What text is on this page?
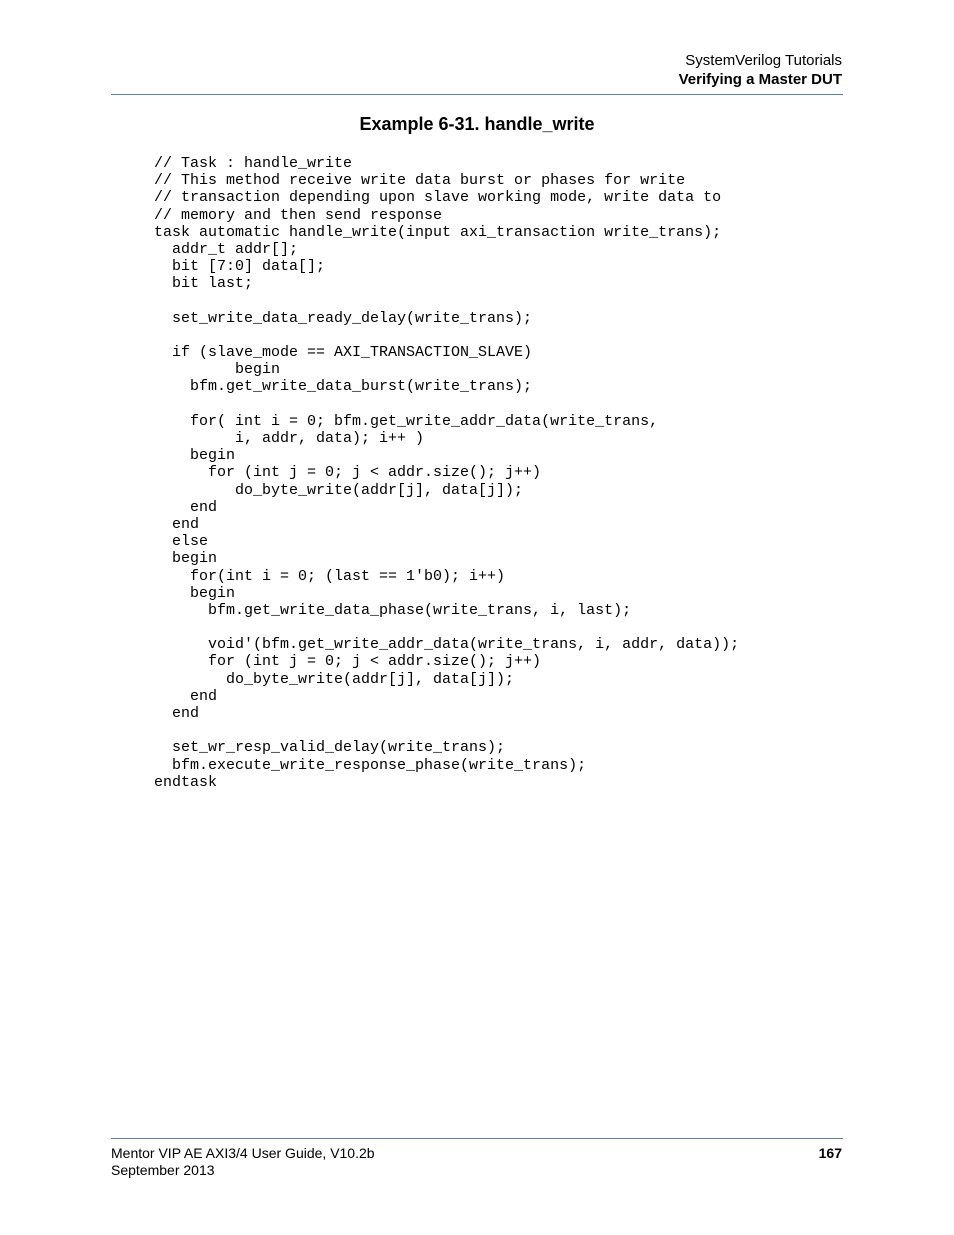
SystemVerilog Tutorials
Verifying a Master DUT
Example 6-31. handle_write
// Task : handle_write
// This method receive write data burst or phases for write
// transaction depending upon slave working mode, write data to
// memory and then send response
task automatic handle_write(input axi_transaction write_trans);
addr_t addr[];
bit [7:0] data[];
bit last;
set_write_data_ready_delay(write_trans);
if (slave_mode == AXI_TRANSACTION_SLAVE)
begin
bfm.get_write_data_burst(write_trans);
for( int i = 0; bfm.get_write_addr_data(write_trans,
i, addr, data); i++ )
begin
for (int j = 0; j < addr.size(); j++)
do_byte_write(addr[j], data[j]);
end
end
else
begin
for(int i = 0; (last == 1'b0); i++)
begin
bfm.get_write_data_phase(write_trans, i, last);
void'(bfm.get_write_addr_data(write_trans, i, addr, data));
for (int j = 0; j < addr.size(); j++)
do_byte_write(addr[j], data[j]);
end
end
set_wr_resp_valid_delay(write_trans);
bfm.execute_write_response_phase(write_trans);
endtask
Mentor VIP AE AXI3/4 User Guide, V10.2b
September 2013
167
